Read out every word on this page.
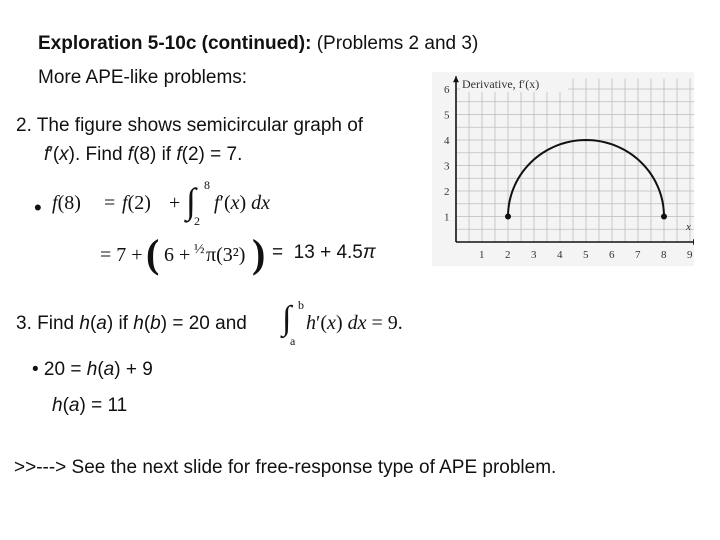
Exploration 5-10c (continued): (Problems 2 and 3)
More APE-like problems:
2. The figure shows semicircular graph of
f′(x). Find f(8) if f(2) = 7.
• f(8) = f(2) + ∫ 8
2
f′(x) dx
= 7 + ( 6 + ½ π(3²) ) =  13 + 4.5π	1 2 3 4 5 6 7 8 9
1
2
3
4
5
6 Derivative, f′(x)
x
3. Find h(a) if h(b) = 20 and ∫ b
a
h′(x) dx = 9.
• 20 = h(a) + 9
h(a) = 11
>>---> See the next slide for free-response type of APE problem.
